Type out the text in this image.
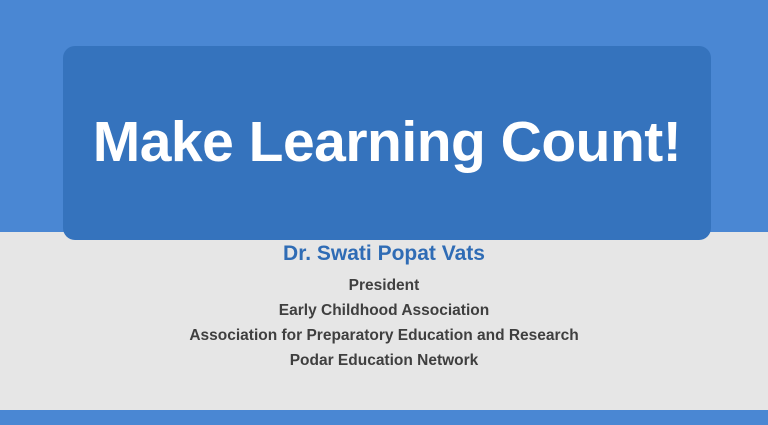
Make Learning Count!
Dr. Swati Popat Vats
President
Early Childhood Association
Association for Preparatory Education and Research
Podar Education Network
